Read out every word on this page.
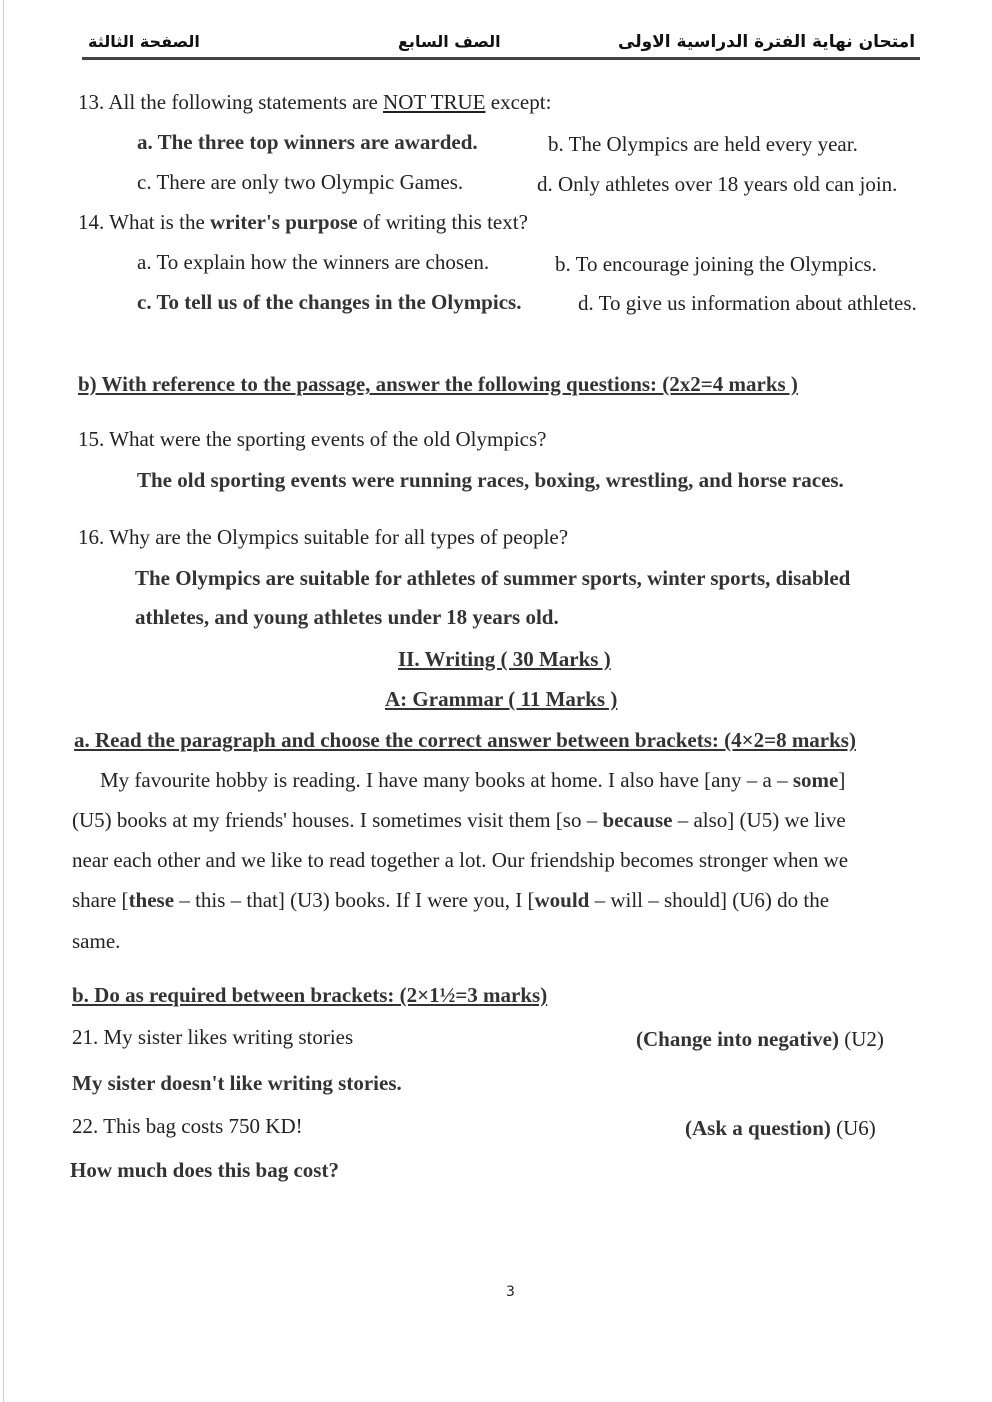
الصفحة الثالثة	الصف السابع	امتحان نهاية الفترة الدراسية الاولى
13. All the following statements are NOT TRUE except:
a. The three top winners are awarded.	b. The Olympics are held every year.
c. There are only two Olympic Games.	d. Only athletes over 18 years old can join.
14. What is the writer's purpose of writing this text?
a. To explain how the winners are chosen.	b. To encourage joining the Olympics.
c. To tell us of the changes in the Olympics.	d. To give us information about athletes.
b) With reference to the passage, answer the following questions: (2x2=4 marks )
15. What were the sporting events of the old Olympics?
The old sporting events were running races, boxing, wrestling, and horse races.
16. Why are the Olympics suitable for all types of people?
The Olympics are suitable for athletes of summer sports, winter sports, disabled
athletes, and young athletes under 18 years old.
II. Writing ( 30 Marks )
A: Grammar ( 11 Marks )
a. Read the paragraph and choose the correct answer between brackets: (4×2=8 marks)
My favourite hobby is reading. I have many books at home. I also have [any – a – some]
(U5) books at my friends' houses. I sometimes visit them [so – because – also] (U5) we live
near each other and we like to read together a lot. Our friendship becomes stronger when we
share [these – this – that] (U3) books. If I were you, I [would – will – should] (U6) do the
same.
b. Do as required between brackets: (2×1½=3 marks)
21. My sister likes writing stories	(Change into negative) (U2)
My sister doesn't like writing stories.
22. This bag costs 750 KD!	(Ask a question) (U6)
How much does this bag cost?
3
